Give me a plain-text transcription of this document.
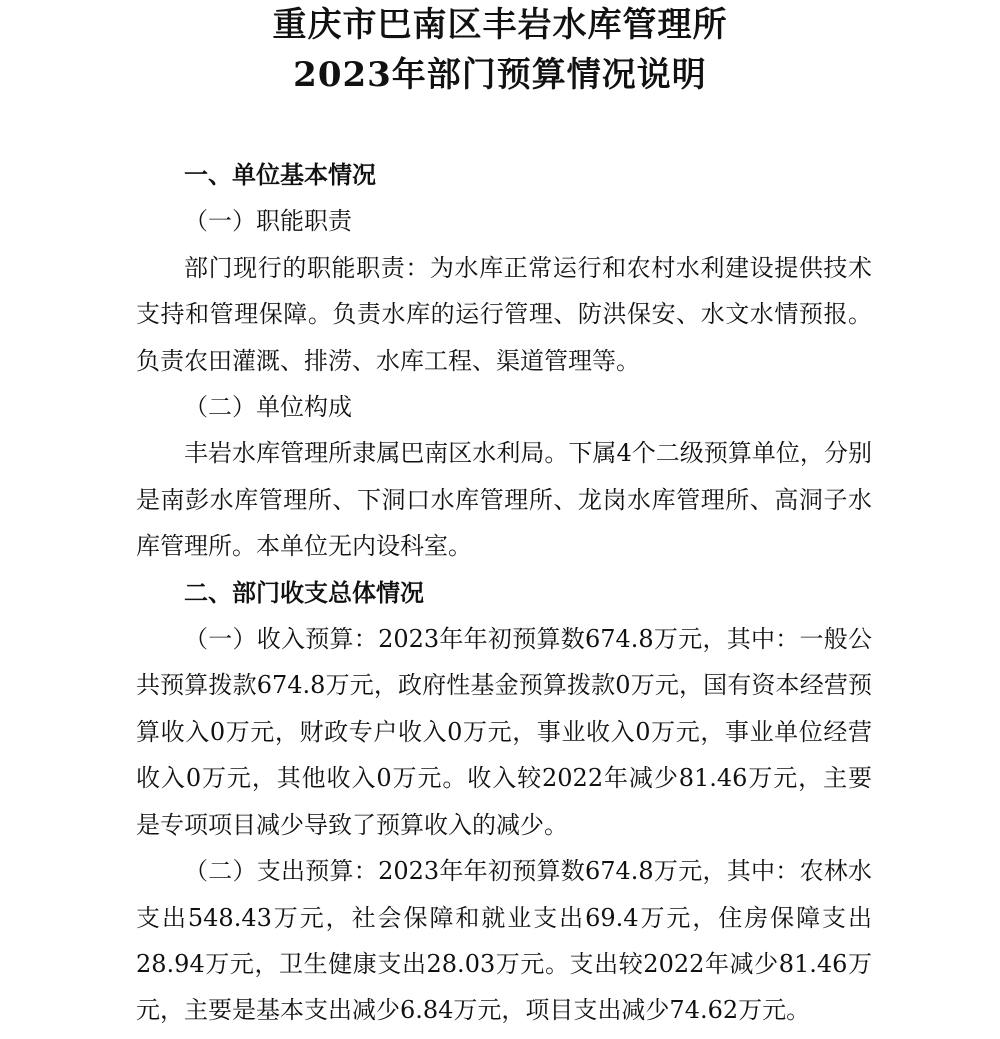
重庆市巴南区丰岩水库管理所
2023年部门预算情况说明
一、单位基本情况
（一）职能职责

部门现行的职能职责：为水库正常运行和农村水利建设提供技术支持和管理保障。负责水库的运行管理、防洪保安、水文水情预报。负责农田灌溉、排涝、水库工程、渠道管理等。

（二）单位构成

丰岩水库管理所隶属巴南区水利局。下属4个二级预算单位，分别是南彭水库管理所、下洞口水库管理所、龙岗水库管理所、高洞子水库管理所。本单位无内设科室。

二、部门收支总体情况

（一）收入预算：2023年年初预算数674.8万元，其中：一般公共预算拨款674.8万元，政府性基金预算拨款0万元，国有资本经营预算收入0万元，财政专户收入0万元，事业收入0万元，事业单位经营收入0万元，其他收入0万元。收入较2022年减少81.46万元，主要是专项项目减少导致了预算收入的减少。

（二）支出预算：2023年年初预算数674.8万元，其中：农林水支出548.43万元，社会保障和就业支出69.4万元，住房保障支出28.94万元，卫生健康支出28.03万元。支出较2022年减少81.46万元，主要是基本支出减少6.84万元，项目支出减少74.62万元。
